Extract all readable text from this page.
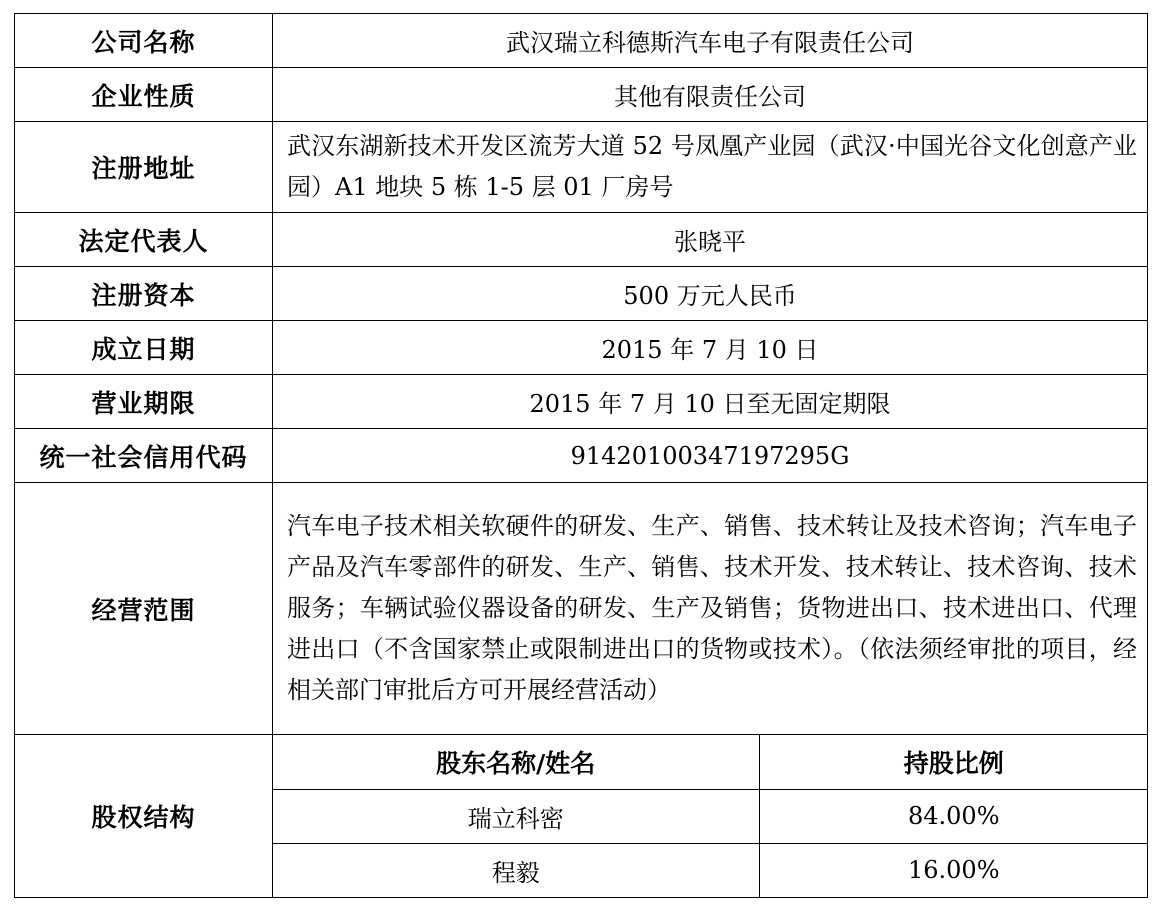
公司名称	武汉瑞立科德斯汽车电子有限责任公司
企业性质	其他有限责任公司
注册地址	武汉东湖新技术开发区流芳大道 52 号凤凰产业园（武汉·中国光谷文化创意产业园）A1 地块 5 栋 1-5 层 01 厂房号
法定代表人	张晓平
注册资本	500 万元人民币
成立日期	2015 年 7 月 10 日
营业期限	2015 年 7 月 10 日至无固定期限
统一社会信用代码	91420100347197295G
经营范围	汽车电子技术相关软硬件的研发、生产、销售、技术转让及技术咨询；汽车电子产品及汽车零部件的研发、生产、销售、技术开发、技术转让、技术咨询、技术服务；车辆试验仪器设备的研发、生产及销售；货物进出口、技术进出口、代理进出口（不含国家禁止或限制进出口的货物或技术）。（依法须经审批的项目，经相关部门审批后方可开展经营活动）
股权结构	
股东名称/姓名	持股比例
瑞立科密	84.00%
程毅	16.00%
